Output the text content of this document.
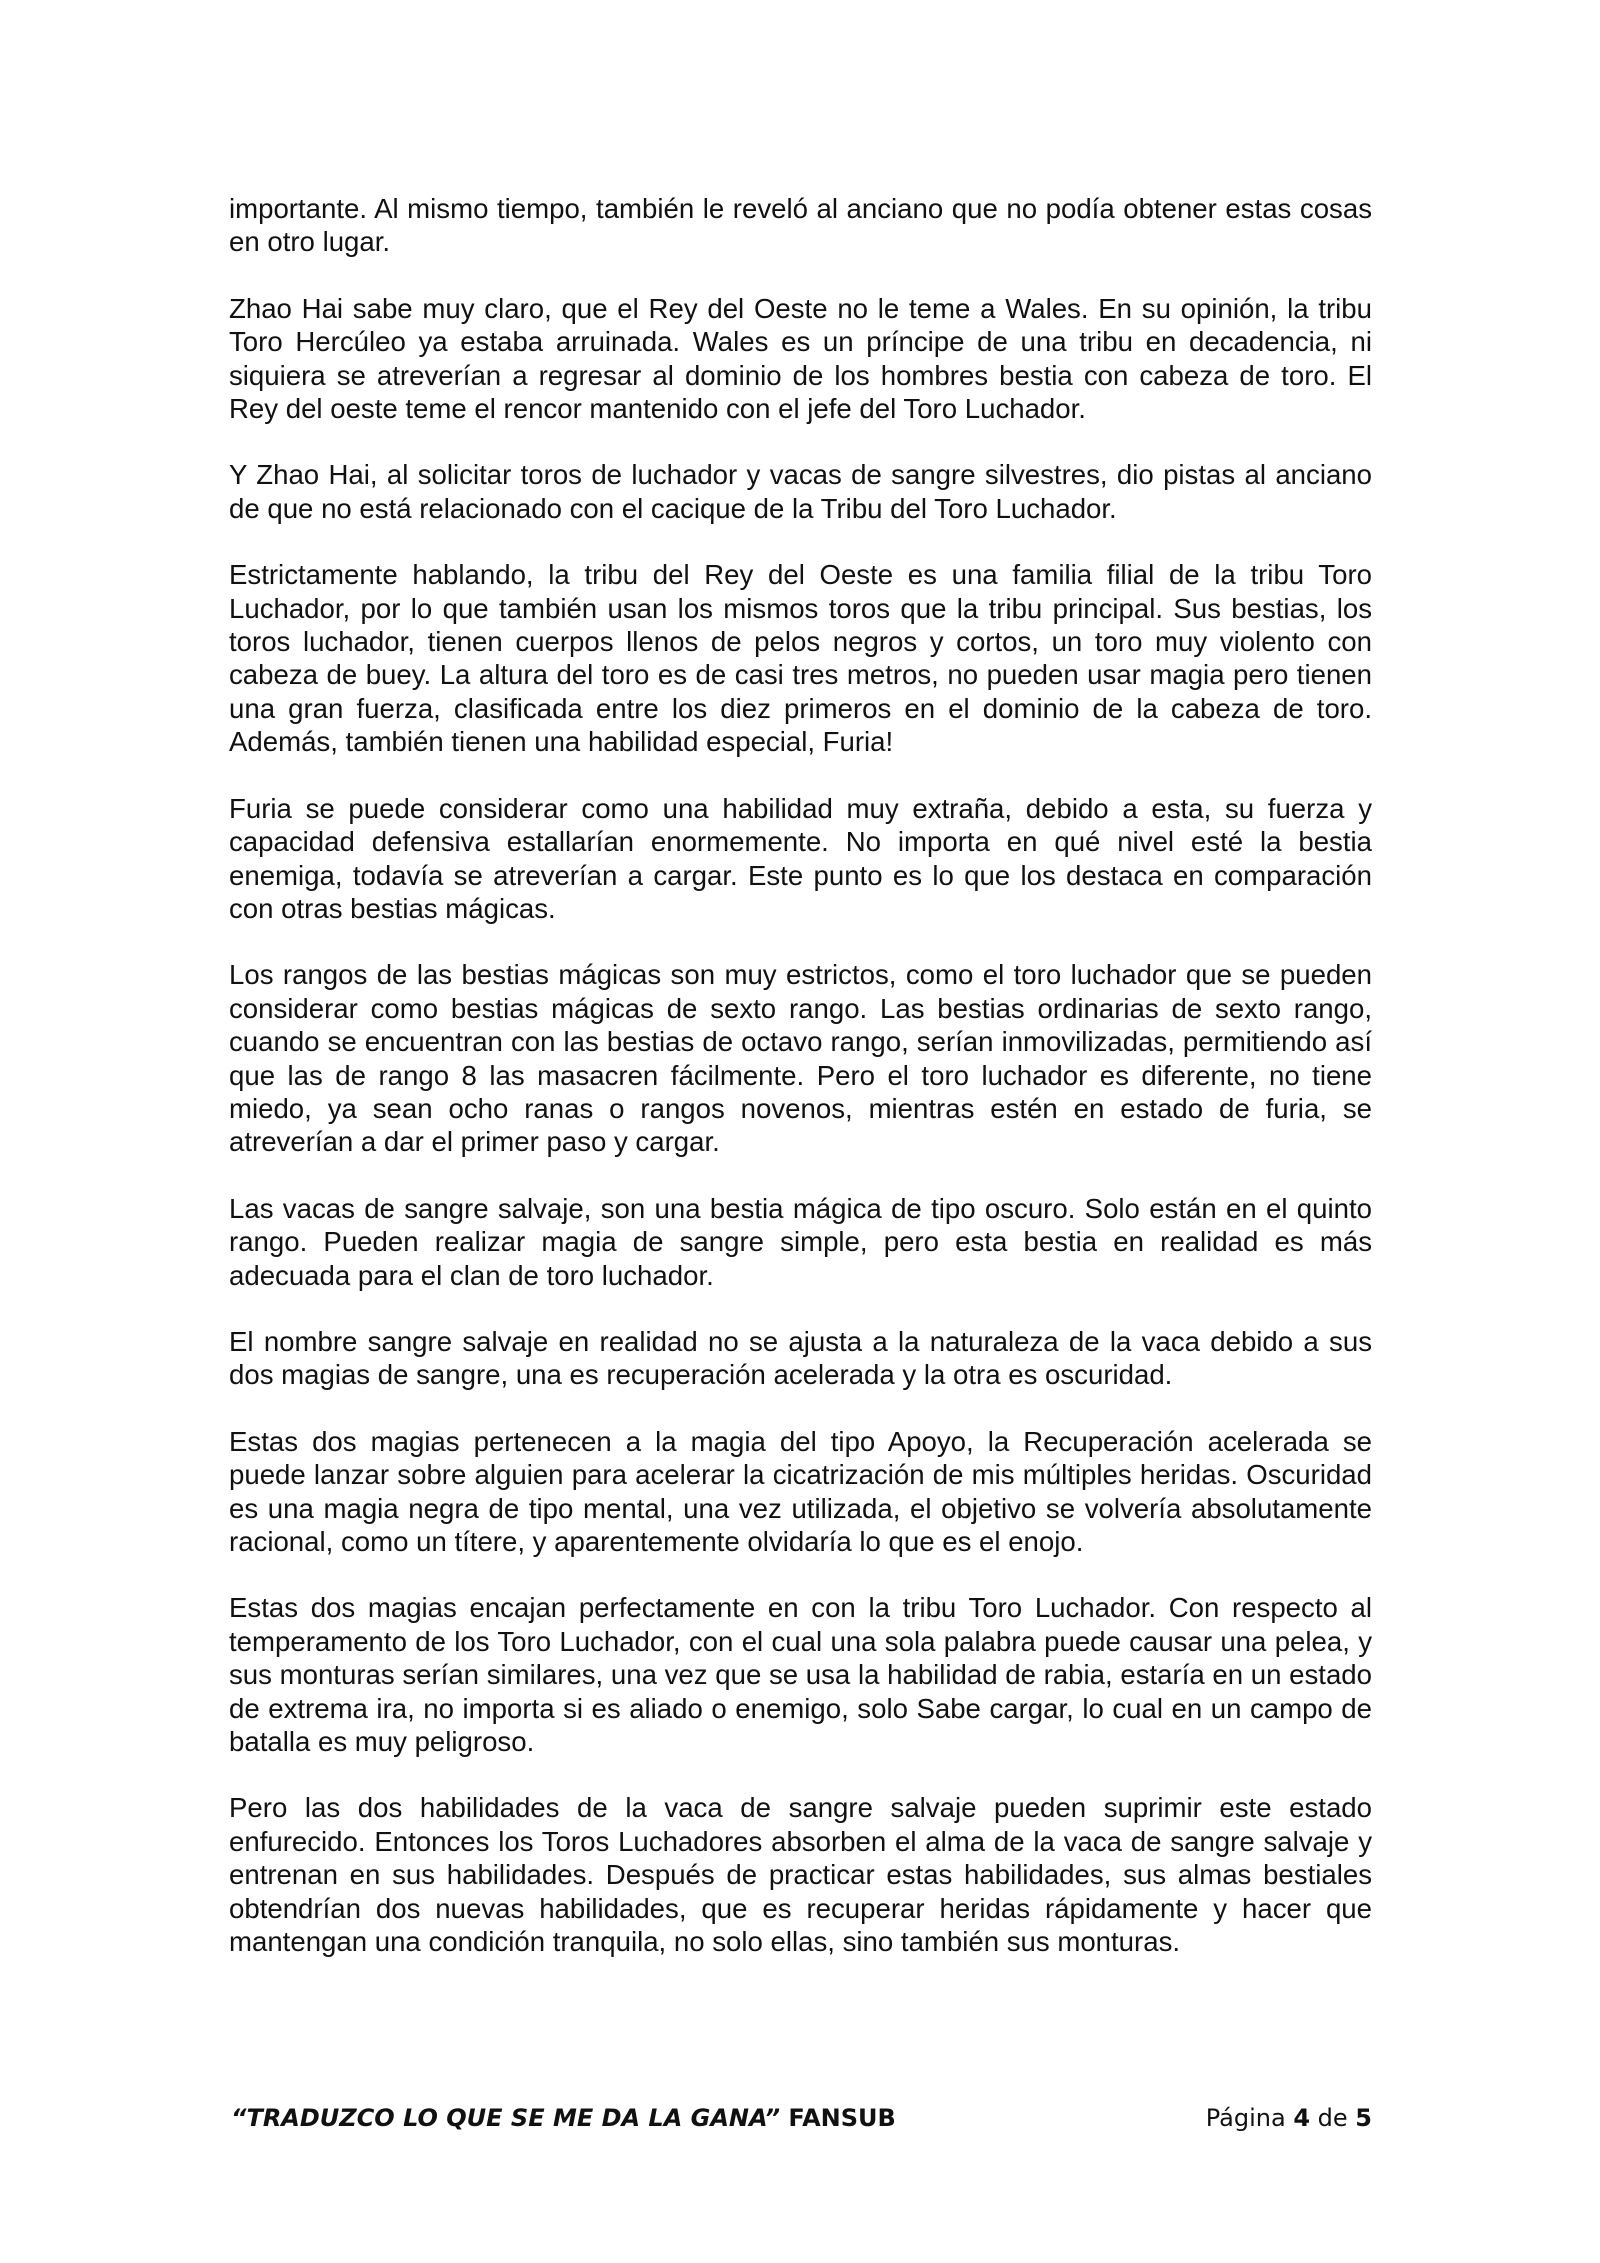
importante. Al mismo tiempo, también le reveló al anciano que no podía obtener estas cosas en otro lugar.

Zhao Hai sabe muy claro, que el Rey del Oeste no le teme a Wales. En su opinión, la tribu Toro Hercúleo ya estaba arruinada. Wales es un príncipe de una tribu en decadencia, ni siquiera se atreverían a regresar al dominio de los hombres bestia con cabeza de toro. El Rey del oeste teme el rencor mantenido con el jefe del Toro Luchador.

Y Zhao Hai, al solicitar toros de luchador y vacas de sangre silvestres, dio pistas al anciano de que no está relacionado con el cacique de la Tribu del Toro Luchador.

Estrictamente hablando, la tribu del Rey del Oeste es una familia filial de la tribu Toro Luchador, por lo que también usan los mismos toros que la tribu principal. Sus bestias, los toros luchador, tienen cuerpos llenos de pelos negros y cortos, un toro muy violento con cabeza de buey. La altura del toro es de casi tres metros, no pueden usar magia pero tienen una gran fuerza, clasificada entre los diez primeros en el dominio de la cabeza de toro. Además, también tienen una habilidad especial, Furia!

Furia se puede considerar como una habilidad muy extraña, debido a esta, su fuerza y capacidad defensiva estallarían enormemente. No importa en qué nivel esté la bestia enemiga, todavía se atreverían a cargar. Este punto es lo que los destaca en comparación con otras bestias mágicas.

Los rangos de las bestias mágicas son muy estrictos, como el toro luchador que se pueden considerar como bestias mágicas de sexto rango. Las bestias ordinarias de sexto rango, cuando se encuentran con las bestias de octavo rango, serían inmovilizadas, permitiendo así que las de rango 8 las masacren fácilmente. Pero el toro luchador es diferente, no tiene miedo, ya sean ocho ranas o rangos novenos, mientras estén en estado de furia, se atreverían a dar el primer paso y cargar.

Las vacas de sangre salvaje, son una bestia mágica de tipo oscuro. Solo están en el quinto rango. Pueden realizar magia de sangre simple, pero esta bestia en realidad es más adecuada para el clan de toro luchador.

El nombre sangre salvaje en realidad no se ajusta a la naturaleza de la vaca debido a sus dos magias de sangre, una es recuperación acelerada y la otra es oscuridad.

Estas dos magias pertenecen a la magia del tipo Apoyo, la Recuperación acelerada se puede lanzar sobre alguien para acelerar la cicatrización de mis múltiples heridas. Oscuridad es una magia negra de tipo mental, una vez utilizada, el objetivo se volvería absolutamente racional, como un títere, y aparentemente olvidaría lo que es el enojo.

Estas dos magias encajan perfectamente en con la tribu Toro Luchador. Con respecto al temperamento de los Toro Luchador, con el cual una sola palabra puede causar una pelea, y sus monturas serían similares, una vez que se usa la habilidad de rabia, estaría en un estado de extrema ira, no importa si es aliado o enemigo, solo Sabe cargar, lo cual en un campo de batalla es muy peligroso.

Pero las dos habilidades de la vaca de sangre salvaje pueden suprimir este estado enfurecido. Entonces los Toros Luchadores absorben el alma de la vaca de sangre salvaje y entrenan en sus habilidades. Después de practicar estas habilidades, sus almas bestiales obtendrían dos nuevas habilidades, que es recuperar heridas rápidamente y hacer que mantengan una condición tranquila, no solo ellas, sino también sus monturas.

“TRADUZCO LO QUE SE ME DA LA GANA” FANSUB	Página 4 de 5
